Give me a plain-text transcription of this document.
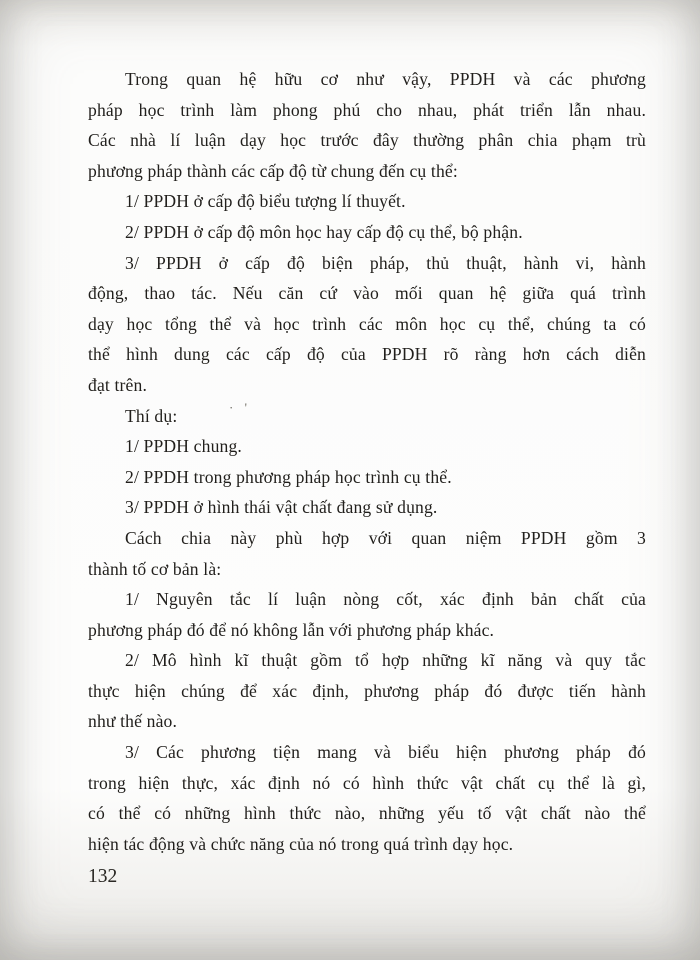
Trong quan hệ hữu cơ như vậy, PPDH và các phương
pháp học trình làm phong phú cho nhau, phát triển lẫn nhau.
Các nhà lí luận dạy học trước đây thường phân chia phạm trù
phương pháp thành các cấp độ từ chung đến cụ thể:
1/ PPDH ở cấp độ biểu tượng lí thuyết.
2/ PPDH ở cấp độ môn học hay cấp độ cụ thể, bộ phận.
3/ PPDH ở cấp độ biện pháp, thủ thuật, hành vi, hành
động, thao tác. Nếu căn cứ vào mối quan hệ giữa quá trình
dạy học tổng thể và học trình các môn học cụ thể, chúng ta có
thể hình dung các cấp độ của PPDH rõ ràng hơn cách diễn
đạt trên.
Thí dụ:
1/ PPDH chung.
2/ PPDH trong phương pháp học trình cụ thể.
3/ PPDH ở hình thái vật chất đang sử dụng.
Cách chia này phù hợp với quan niệm PPDH gồm 3
thành tố cơ bản là:
1/ Nguyên tắc lí luận nòng cốt, xác định bản chất của
phương pháp đó để nó không lẫn với phương pháp khác.
2/ Mô hình kĩ thuật gồm tổ hợp những kĩ năng và quy tắc
thực hiện chúng để xác định, phương pháp đó được tiến hành
như thế nào.
3/ Các phương tiện mang và biểu hiện phương pháp đó
trong hiện thực, xác định nó có hình thức vật chất cụ thể là gì,
có thể có những hình thức nào, những yếu tố vật chất nào thể
hiện tác động và chức năng của nó trong quá trình dạy học.
· '
132
